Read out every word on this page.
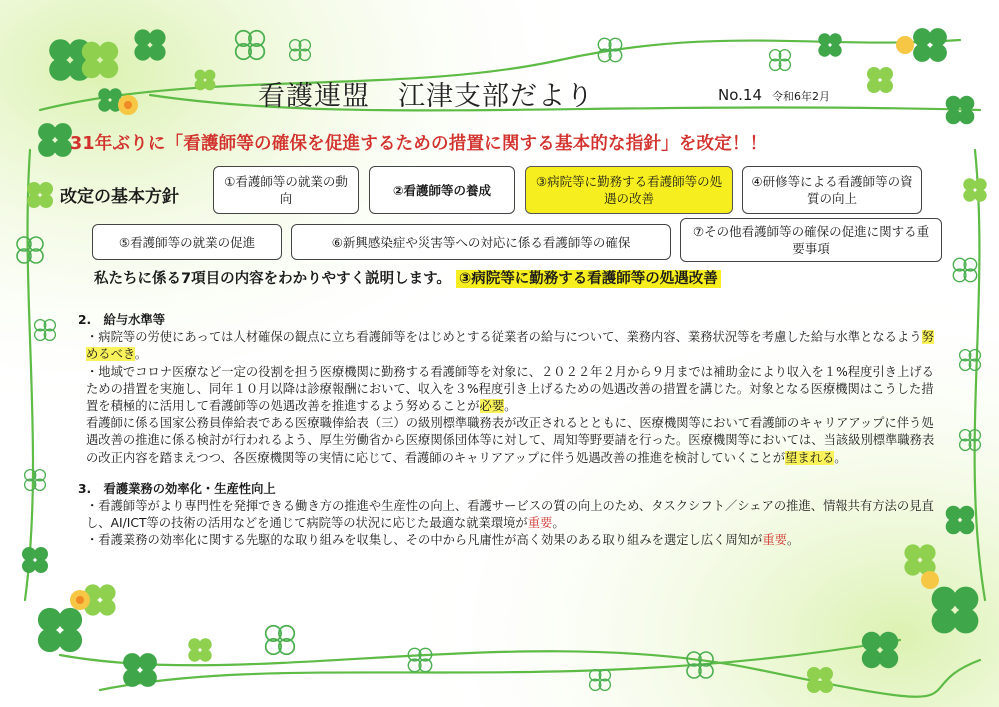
看護連盟　江津支部だより	No.14 令和6年2月
31年ぶりに「看護師等の確保を促進するための措置に関する基本的な指針」を改定！！
改定の基本方針
①看護師等の就業の動向
②看護師等の養成
③病院等に勤務する看護師等の処遇の改善
④研修等による看護師等の資質の向上
⑤看護師等の就業の促進	⑥新興感染症や災害等への対応に係る看護師等の確保
⑦その他看護師等の確保の促進に関する重要事項
私たちに係る7項目の内容をわかりやすく説明します。 ③病院等に勤務する看護師等の処遇改善
2.　給与水準等
・病院等の労使にあっては人材確保の観点に立ち看護師等をはじめとする従業者の給与について、業務内容、業務状況等を考慮した給与水準となるよう努めるべき。
・地域でコロナ医療など一定の役割を担う医療機関に勤務する看護師等を対象に、２０２２年２月から９月までは補助金により収入を１%程度引き上げるための措置を実施し、同年１０月以降は診療報酬において、収入を３%程度引き上げるための処遇改善の措置を講じた。対象となる医療機関はこうした措置を積極的に活用して看護師等の処遇改善を推進するよう努めることが必要。
看護師に係る国家公務員俸給表である医療職俸給表（三）の級別標準職務表が改正されるとともに、医療機関等において看護師のキャリアアップに伴う処遇改善の推進に係る検討が行われるよう、厚生労働省から医療関係団体等に対して、周知等野要請を行った。医療機関等においては、当該級別標準職務表の改正内容を踏まえつつ、各医療機関等の実情に応じて、看護師のキャリアアップに伴う処遇改善の推進を検討していくことが望まれる。
3.　看護業務の効率化・生産性向上
・看護師等がより専門性を発揮できる働き方の推進や生産性の向上、看護サービスの質の向上のため、タスクシフト／シェアの推進、情報共有方法の見直し、AI/ICT等の技術の活用などを通じて病院等の状況に応じた最適な就業環境が重要。
・看護業務の効率化に関する先駆的な取り組みを収集し、その中から凡庸性が高く効果のある取り組みを選定し広く周知が重要。
